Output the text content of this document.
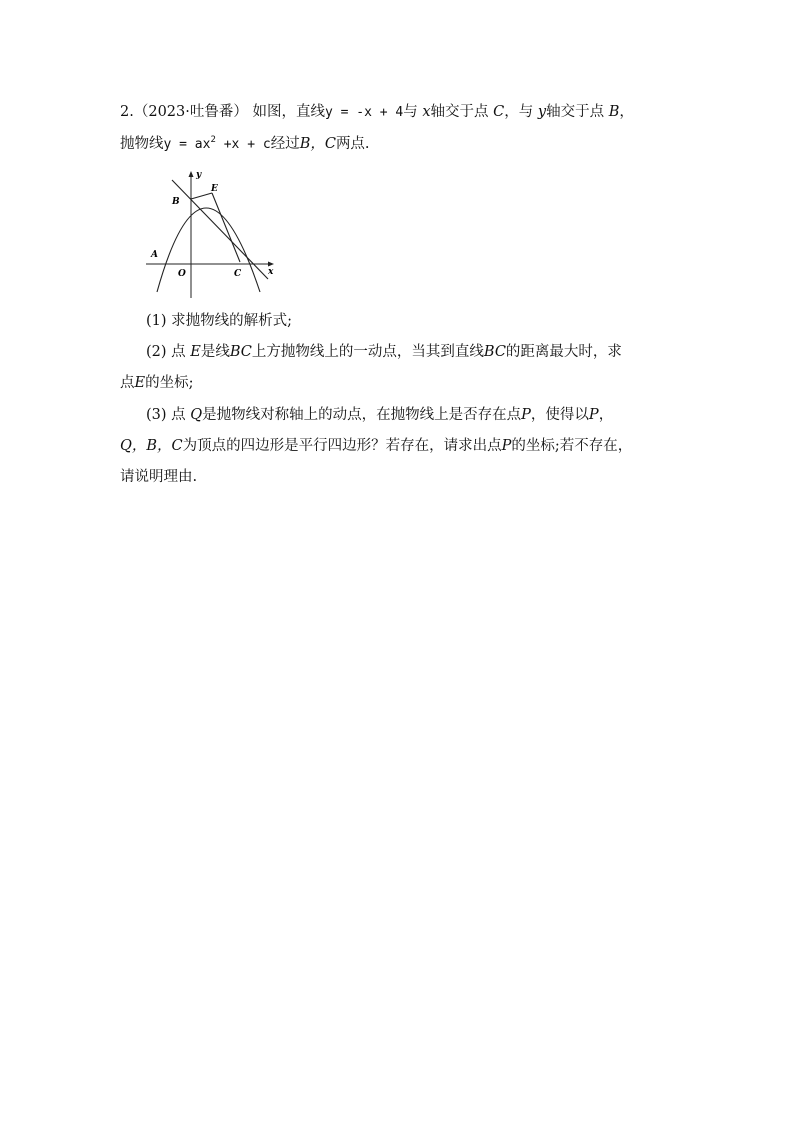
2.（2023·吐鲁番） 如图，直线y = -x + 4与 x轴交于点 C，与 y轴交于点 B，
抛物线$y = ax^2 +x + c$经过B，C两点.
y
x
B
E
A
O	C
(1) 求抛物线的解析式;
(2) 点 E是线BC上方抛物线上的一动点，当其到直线BC的距离最大时，求
点E的坐标;
(3) 点 Q是抛物线对称轴上的动点，在抛物线上是否存在点P，使得以P，
Q，B，C为顶点的四边形是平行四边形？若存在，请求出点P的坐标;若不存在，
请说明理由.
